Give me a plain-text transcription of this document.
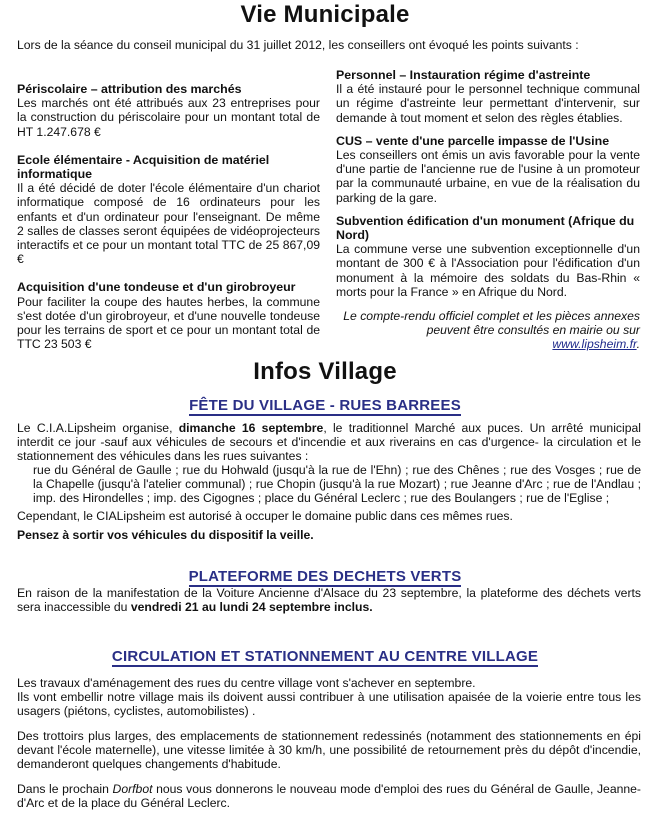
Vie Municipale
Lors de la séance du conseil municipal du 31 juillet 2012, les conseillers ont évoqué les points suivants :
Périscolaire – attribution des marchés

Les marchés ont été attribués aux 23 entreprises pour la construction du périscolaire pour un montant total de HT 1.247.678 €

Ecole élémentaire - Acquisition de matériel informatique

Il a été décidé de doter l'école élémentaire d'un chariot informatique composé de 16 ordinateurs pour les enfants et d'un ordinateur pour l'enseignant. De même 2 salles de classes seront équipées de vidéoprojecteurs interactifs et ce pour un montant total TTC de 25 867,09 €

Acquisition d'une tondeuse et d'un girobroyeur

Pour faciliter la coupe des hautes herbes, la commune s'est dotée d'un girobroyeur, et d'une nouvelle tondeuse pour les terrains de sport et ce pour un montant total de TTC 23 503 €

Personnel – Instauration régime d'astreinte

Il a été instauré pour le personnel technique communal un régime d'astreinte leur permettant d'intervenir, sur demande à tout moment et selon des règles établies.

CUS – vente d'une parcelle impasse de l'Usine

Les conseillers ont émis un avis favorable pour la vente d'une partie de l'ancienne rue de l'usine à un promoteur par la communauté urbaine, en vue de la réalisation du parking de la gare.

Subvention édification d'un monument (Afrique du Nord)

La commune verse une subvention exceptionnelle d'un montant de 300 € à l'Association pour l'édification d'un monument à la mémoire des soldats du Bas-Rhin « morts pour la France » en Afrique du Nord.

Le compte-rendu officiel complet et les pièces annexes peuvent être consultés en mairie ou sur www.lipsheim.fr.

Infos Village
FÊTE DU VILLAGE - RUES BARREES
Le C.I.A.Lipsheim organise, dimanche 16 septembre, le traditionnel Marché aux puces. Un arrêté municipal interdit ce jour -sauf aux véhicules de secours et d'incendie et aux riverains en cas d'urgence- la circulation et le stationnement des véhicules dans les rues suivantes :
rue du Général de Gaulle ; rue du Hohwald (jusqu'à la rue de l'Ehn) ; rue des Chênes ; rue des Vosges ; rue de la Chapelle (jusqu'à l'atelier communal) ; rue Chopin (jusqu'à la rue Mozart) ; rue Jeanne d'Arc ; rue de l'Andlau ; imp. des Hirondelles ; imp. des Cigognes ; place du Général Leclerc ; rue des Boulangers ; rue de l'Eglise ;
Cependant, le CIALipsheim est autorisé à occuper le domaine public dans ces mêmes rues.
Pensez à sortir vos véhicules du dispositif la veille.
PLATEFORME DES DECHETS VERTS
En raison de la manifestation de la Voiture Ancienne d'Alsace du 23 septembre, la plateforme des déchets verts sera inaccessible du vendredi 21 au lundi 24 septembre inclus.
CIRCULATION ET STATIONNEMENT AU CENTRE VILLAGE
Les travaux d'aménagement des rues du centre village vont s'achever en septembre.
Ils vont embellir notre village mais ils doivent aussi contribuer à une utilisation apaisée de la voierie entre tous les usagers (piétons, cyclistes, automobilistes) .
Des trottoirs plus larges, des emplacements de stationnement redessinés (notamment des stationnements en épi devant l'école maternelle), une vitesse limitée à 30 km/h, une possibilité de retournement près du dépôt d'incendie, demanderont quelques changements d'habitude.
Dans le prochain Dorfbot nous vous donnerons le nouveau mode d'emploi des rues du Général de Gaulle, Jeanne-d'Arc et de la place du Général Leclerc.
